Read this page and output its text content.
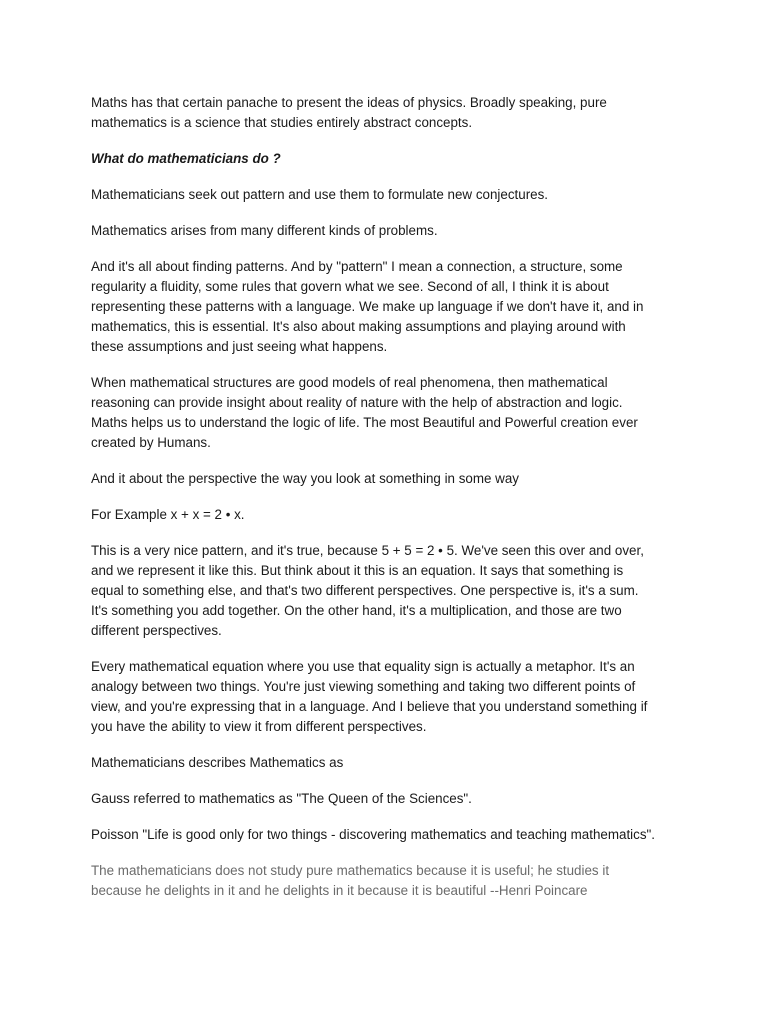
Maths has that certain panache to present the ideas of physics. Broadly speaking, pure mathematics is a science that studies entirely abstract concepts.

What do mathematicians do ?

Mathematicians seek out pattern and use them to formulate new conjectures.

Mathematics arises from many different kinds of problems.

And it's all about finding patterns. And by "pattern" I mean a connection, a structure, some regularity a fluidity, some rules that govern what we see. Second of all, I think it is about representing these patterns with a language. We make up language if we don't have it, and in mathematics, this is essential. It's also about making assumptions and playing around with these assumptions and just seeing what happens.

When mathematical structures are good models of real phenomena, then mathematical reasoning can provide insight about reality of nature with the help of abstraction and logic. Maths helps us to understand the logic of life. The most Beautiful and Powerful creation ever created by Humans.

And it about the perspective the way you look at something in some way

For Example x + x = 2 • x.

This is a very nice pattern, and it's true, because 5 + 5 = 2 • 5. We've seen this over and over, and we represent it like this. But think about it this is an equation. It says that something is equal to something else, and that's two different perspectives. One perspective is, it's a sum. It's something you add together. On the other hand, it's a multiplication, and those are two different perspectives.

Every mathematical equation where you use that equality sign is actually a metaphor. It's an analogy between two things. You're just viewing something and taking two different points of view, and you're expressing that in a language. And I believe that you understand something if you have the ability to view it from different perspectives.

Mathematicians describes Mathematics as

Gauss referred to mathematics as "The Queen of the Sciences".

Poisson "Life is good only for two things - discovering mathematics and teaching mathematics".

The mathematicians does not study pure mathematics because it is useful; he studies it because he delights in it and he delights in it because it is beautiful --Henri Poincare
